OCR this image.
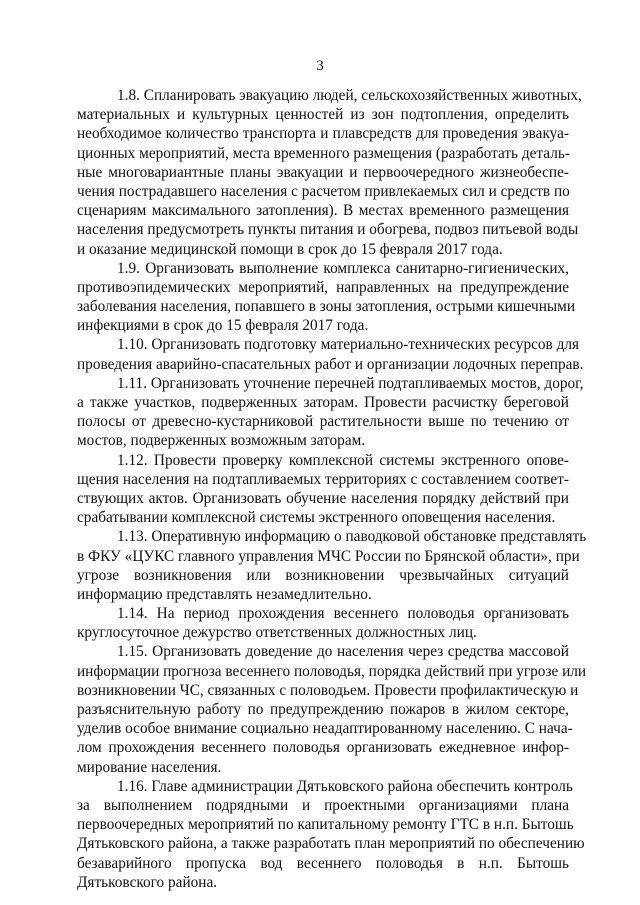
3
1.8. Спланировать эвакуацию людей, сельскохозяйственных животных,
материальных и культурных ценностей из зон подтопления, определить
необходимое количество транспорта и плавсредств для проведения эвакуа-
ционных мероприятий, места временного размещения (разработать деталь-
ные многовариантные планы эвакуации и первоочередного жизнеобеспе-
чения пострадавшего населения с расчетом привлекаемых сил и средств по
сценариям максимального затопления). В местах временного размещения
населения предусмотреть пункты питания и обогрева, подвоз питьевой воды
и оказание медицинской помощи в срок до 15 февраля 2017 года.
1.9. Организовать выполнение комплекса санитарно-гигиенических,
противоэпидемических мероприятий, направленных на предупреждение
заболевания населения, попавшего в зоны затопления, острыми кишечными
инфекциями в срок до 15 февраля 2017 года.
1.10. Организовать подготовку материально-технических ресурсов для
проведения аварийно-спасательных работ и организации лодочных переправ.
1.11. Организовать уточнение перечней подтапливаемых мостов, дорог,
а также участков, подверженных заторам. Провести расчистку береговой
полосы от древесно-кустарниковой растительности выше по течению от
мостов, подверженных возможным заторам.
1.12. Провести проверку комплексной системы экстренного опове-
щения населения на подтапливаемых территориях с составлением соответ-
ствующих актов. Организовать обучение населения порядку действий при
срабатывании комплексной системы экстренного оповещения населения.
1.13. Оперативную информацию о паводковой обстановке представлять
в ФКУ «ЦУКС главного управления МЧС России по Брянской области», при
угрозе возникновения или возникновении чрезвычайных ситуаций
информацию представлять незамедлительно.
1.14. На период прохождения весеннего половодья организовать
круглосуточное дежурство ответственных должностных лиц.
1.15. Организовать доведение до населения через средства массовой
информации прогноза весеннего половодья, порядка действий при угрозе или
возникновении ЧС, связанных с половодьем. Провести профилактическую и
разъяснительную работу по предупреждению пожаров в жилом секторе,
уделив особое внимание социально неадаптированному населению. С нача-
лом прохождения весеннего половодья организовать ежедневное инфор-
мирование населения.
1.16. Главе администрации Дятьковского района обеспечить контроль
за выполнением подрядными и проектными организациями плана
первоочередных мероприятий по капитальному ремонту ГТС в н.п. Бытошь
Дятьковского района, а также разработать план мероприятий по обеспечению
безаварийного пропуска вод весеннего половодья в н.п. Бытошь
Дятьковского района.
